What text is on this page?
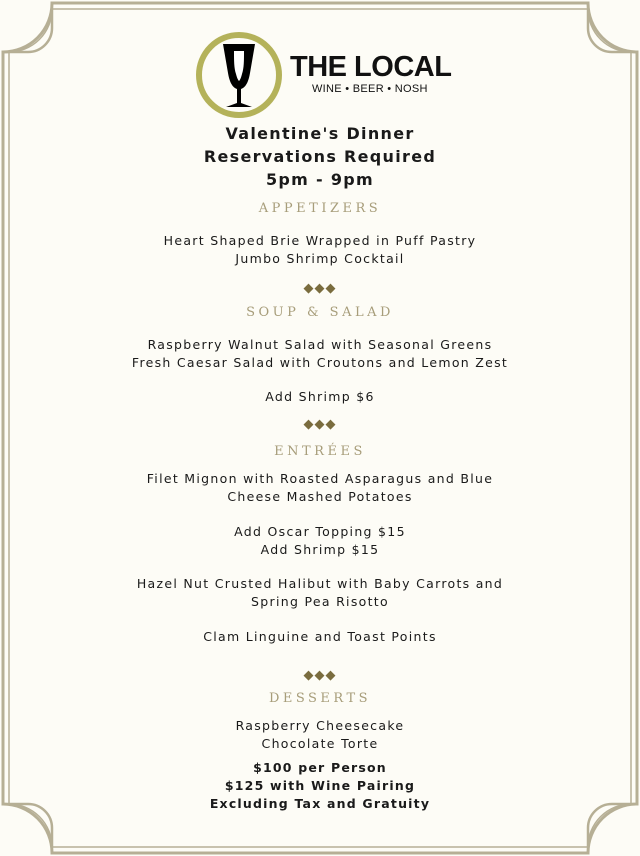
THE LOCAL
WINE • BEER • NOSH
Valentine's Dinner
Reservations Required
5pm - 9pm
APPETIZERS
Heart Shaped Brie Wrapped in Puff Pastry
Jumbo Shrimp Cocktail
◆◆◆
SOUP & SALAD
Raspberry Walnut Salad with Seasonal Greens
Fresh Caesar Salad with Croutons and Lemon Zest
Add Shrimp $6
◆◆◆
ENTRÉES
Filet Mignon with Roasted Asparagus and Blue
Cheese Mashed Potatoes
Add Oscar Topping $15
Add Shrimp $15
Hazel Nut Crusted Halibut with Baby Carrots and
Spring Pea Risotto
Clam Linguine and Toast Points
◆◆◆
DESSERTS
Raspberry Cheesecake
Chocolate Torte
$100 per Person
$125 with Wine Pairing
Excluding Tax and Gratuity
